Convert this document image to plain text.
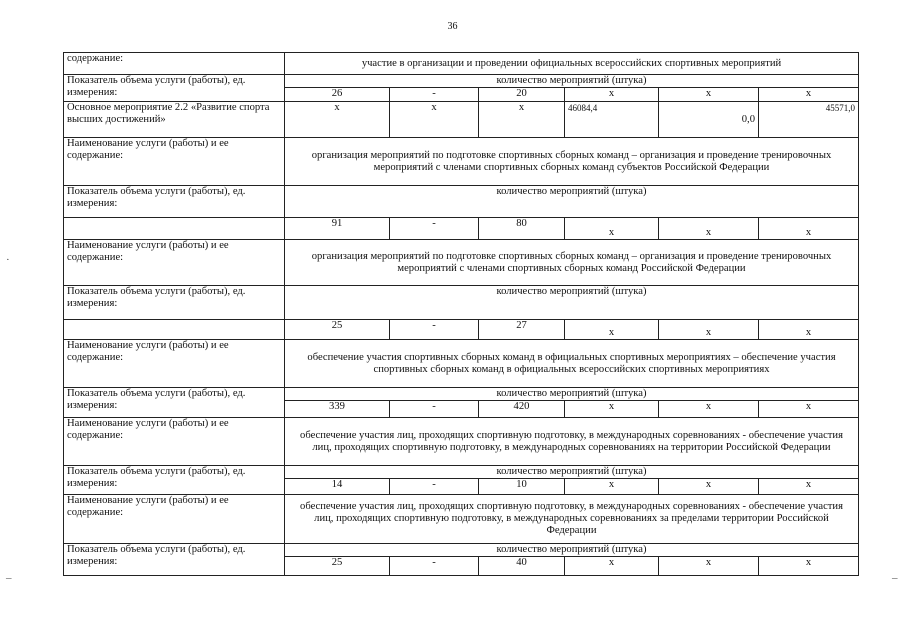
36
·
–	–
содержание:	участие в организации и проведении официальных всероссийских спортивных мероприятий					
Показатель объема услуги (работы), ед. измерения:	количество мероприятий (штука)					
	26	-	20	х	х	х
Основное мероприятие 2.2 «Развитие спорта высших достижений»	х	х	х	46084,4	0,0	45571,0
Наименование услуги (работы) и ее содержание:	организация мероприятий по подготовке спортивных сборных команд – организация и проведение тренировочных мероприятий с членами спортивных сборных команд субъектов Российской Федерации					
Показатель объема услуги (работы), ед. измерения:	количество мероприятий (штука)					
	91	-	80	х	х	х
Наименование услуги (работы) и ее содержание:	организация мероприятий по подготовке спортивных сборных команд – организация и проведение тренировочных мероприятий с членами спортивных сборных команд Российской Федерации					
Показатель объема услуги (работы), ед. измерения:	количество мероприятий (штука)					
	25	-	27	х	х	х
Наименование услуги (работы) и ее содержание:	обеспечение участия спортивных сборных команд в официальных спортивных мероприятиях – обеспечение участия спортивных сборных команд в официальных всероссийских спортивных мероприятиях					
Показатель объема услуги (работы), ед. измерения:	количество мероприятий (штука)					
	339	-	420	х	х	х
Наименование услуги (работы) и ее содержание:	обеспечение участия лиц, проходящих спортивную подготовку, в международных соревнованиях - обеспечение участия лиц, проходящих спортивную подготовку, в международных соревнованиях на территории Российской Федерации					
Показатель объема услуги (работы), ед. измерения:	количество мероприятий (штука)					
	14	-	10	х	х	х
Наименование услуги (работы) и ее содержание:	обеспечение участия лиц, проходящих спортивную подготовку, в международных соревнованиях - обеспечение участия лиц, проходящих спортивную подготовку, в международных соревнованиях за пределами территории Российской Федерации					
Показатель объема услуги (работы), ед. измерения:	количество мероприятий (штука)					
	25	-	40	х	х	х
